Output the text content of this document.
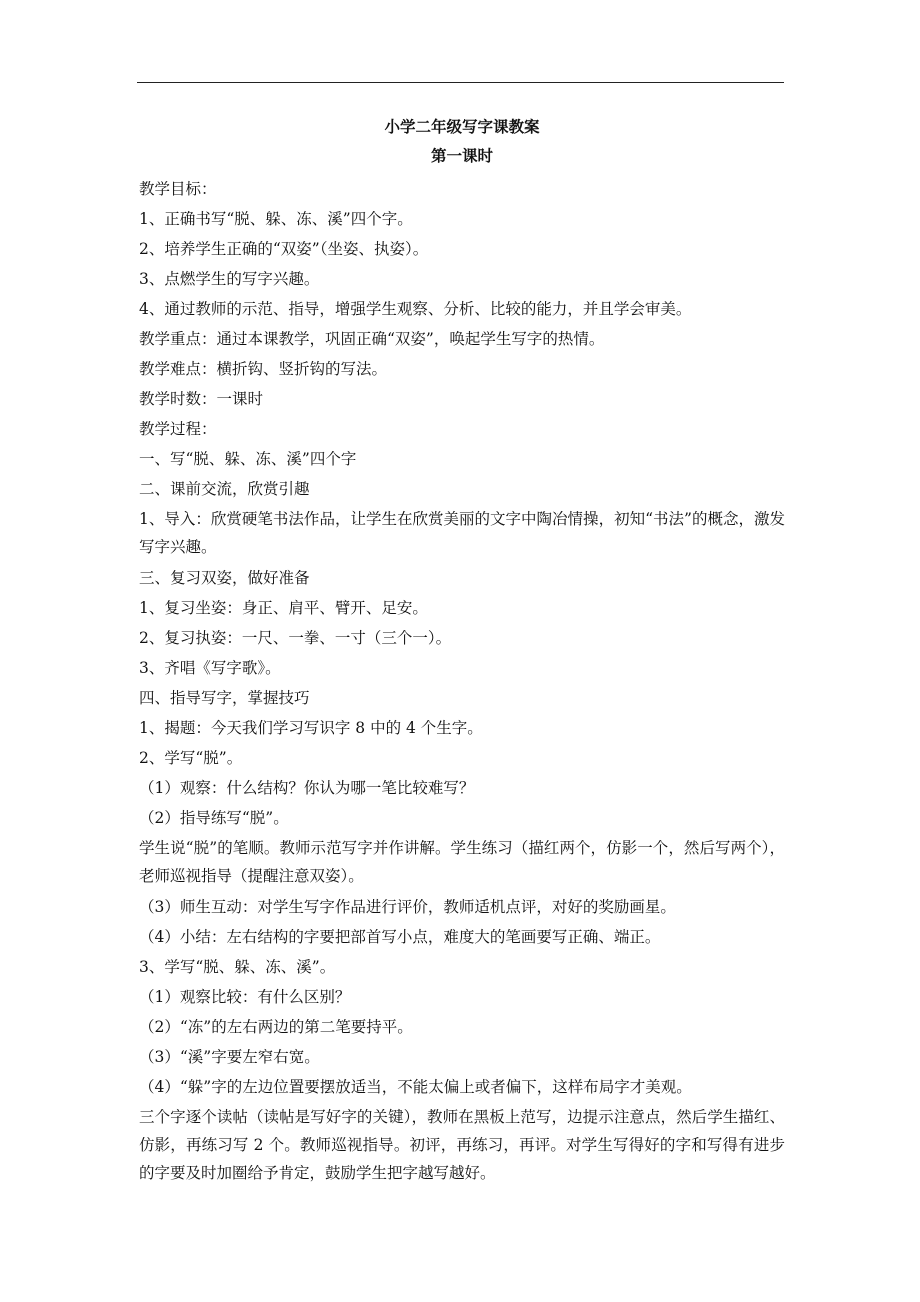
小学二年级写字课教案

第一课时

教学目标：

1、正确书写“脱、躲、冻、溪”四个字。

2、培养学生正确的“双姿”（坐姿、执姿）。

3、点燃学生的写字兴趣。

4、通过教师的示范、指导，增强学生观察、分析、比较的能力，并且学会审美。

教学重点：通过本课教学，巩固正确“双姿”，唤起学生写字的热情。

教学难点：横折钩、竖折钩的写法。

教学时数：一课时

教学过程：

一、写“脱、躲、冻、溪”四个字

二、课前交流，欣赏引趣

1、导入：欣赏硬笔书法作品，让学生在欣赏美丽的文字中陶冶情操，初知“书法”的概念，激发写字兴趣。

三、复习双姿，做好准备

1、复习坐姿：身正、肩平、臂开、足安。

2、复习执姿：一尺、一拳、一寸（三个一）。

3、齐唱《写字歌》。

四、指导写字，掌握技巧

1、揭题：今天我们学习写识字 8 中的 4 个生字。

2、学写“脱”。

（1）观察：什么结构？你认为哪一笔比较难写？

（2）指导练写“脱”。

学生说“脱”的笔顺。教师示范写字并作讲解。学生练习（描红两个，仿影一个，然后写两个），老师巡视指导（提醒注意双姿）。

（3）师生互动：对学生写字作品进行评价，教师适机点评，对好的奖励画星。

（4）小结：左右结构的字要把部首写小点，难度大的笔画要写正确、端正。

3、学写“脱、躲、冻、溪”。

（1）观察比较：有什么区别？

（2）“冻”的左右两边的第二笔要持平。

（3）“溪”字要左窄右宽。

（4）“躲”字的左边位置要摆放适当，不能太偏上或者偏下，这样布局字才美观。

三个字逐个读帖（读帖是写好字的关键），教师在黑板上范写，边提示注意点，然后学生描红、仿影，再练习写 2 个。教师巡视指导。初评，再练习，再评。对学生写得好的字和写得有进步的字要及时加圈给予肯定，鼓励学生把字越写越好。
